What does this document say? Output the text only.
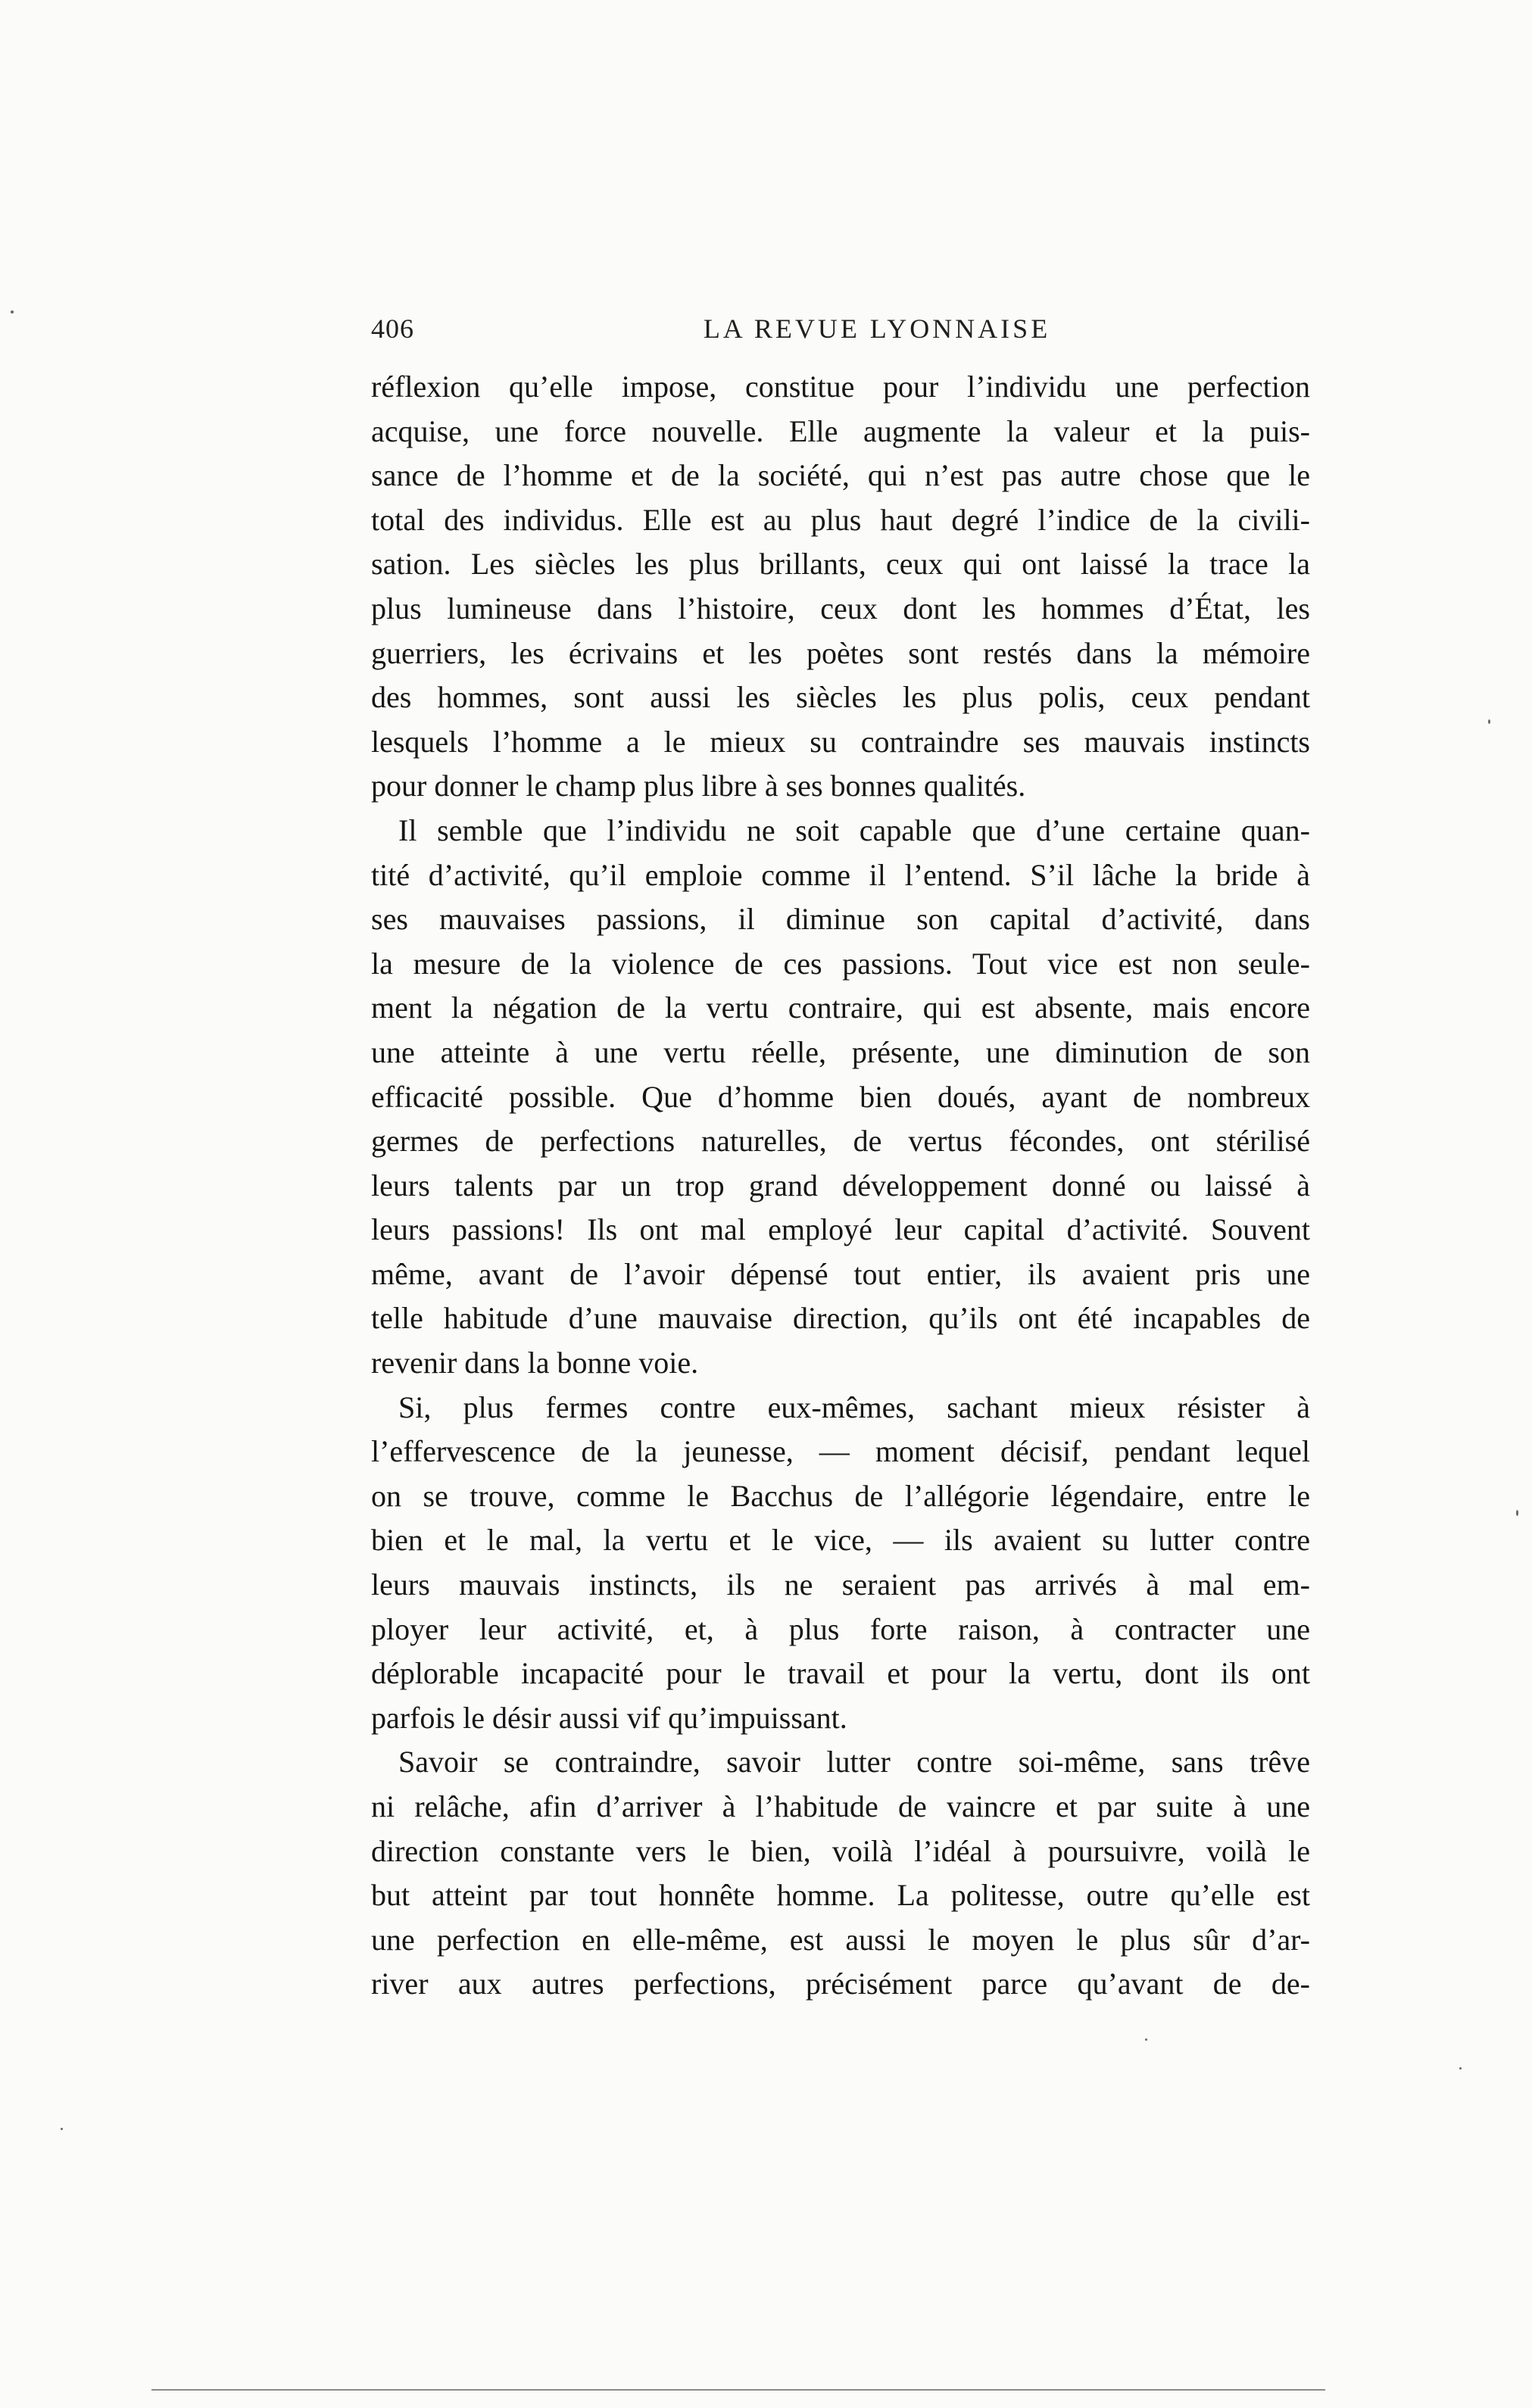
406	LA REVUE LYONNAISE
réflexion qu’elle impose, constitue pour l’individu une perfection
acquise, une force nouvelle. Elle augmente la valeur et la puis-
sance de l’homme et de la société, qui n’est pas autre chose que le
total des individus. Elle est au plus haut degré l’indice de la civili-
sation. Les siècles les plus brillants, ceux qui ont laissé la trace la
plus lumineuse dans l’histoire, ceux dont les hommes d’État, les
guerriers, les écrivains et les poètes sont restés dans la mémoire
des hommes, sont aussi les siècles les plus polis, ceux pendant
lesquels l’homme a le mieux su contraindre ses mauvais instincts
pour donner le champ plus libre à ses bonnes qualités.
Il semble que l’individu ne soit capable que d’une certaine quan-
tité d’activité, qu’il emploie comme il l’entend. S’il lâche la bride à
ses mauvaises passions, il diminue son capital d’activité, dans
la mesure de la violence de ces passions. Tout vice est non seule-
ment la négation de la vertu contraire, qui est absente, mais encore
une atteinte à une vertu réelle, présente, une diminution de son
efficacité possible. Que d’homme bien doués, ayant de nombreux
germes de perfections naturelles, de vertus fécondes, ont stérilisé
leurs talents par un trop grand développement donné ou laissé à
leurs passions! Ils ont mal employé leur capital d’activité. Souvent
même, avant de l’avoir dépensé tout entier, ils avaient pris une
telle habitude d’une mauvaise direction, qu’ils ont été incapables de
revenir dans la bonne voie.
Si, plus fermes contre eux-mêmes, sachant mieux résister à
l’effervescence de la jeunesse, — moment décisif, pendant lequel
on se trouve, comme le Bacchus de l’allégorie légendaire, entre le
bien et le mal, la vertu et le vice, — ils avaient su lutter contre
leurs mauvais instincts, ils ne seraient pas arrivés à mal em-
ployer leur activité, et, à plus forte raison, à contracter une
déplorable incapacité pour le travail et pour la vertu, dont ils ont
parfois le désir aussi vif qu’impuissant.
Savoir se contraindre, savoir lutter contre soi-même, sans trêve
ni relâche, afin d’arriver à l’habitude de vaincre et par suite à une
direction constante vers le bien, voilà l’idéal à poursuivre, voilà le
but atteint par tout honnête homme. La politesse, outre qu’elle est
une perfection en elle-même, est aussi le moyen le plus sûr d’ar-
river aux autres perfections, précisément parce qu’avant de de-
